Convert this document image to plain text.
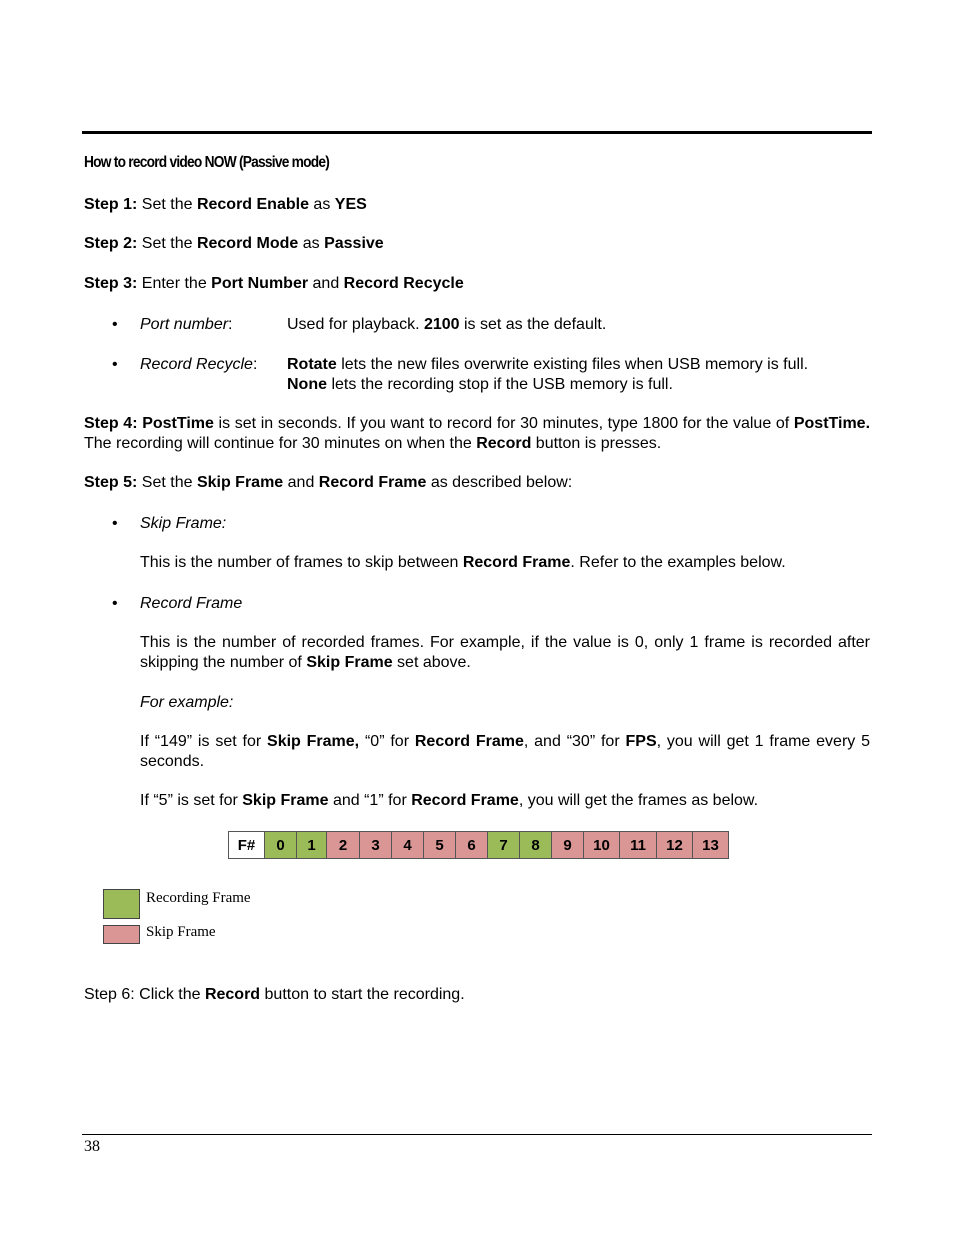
How to record video NOW (Passive mode)
Step 1: Set the Record Enable as YES
Step 2: Set the Record Mode as Passive
Step 3: Enter the Port Number and Record Recycle
• Port number:	Used for playback. 2100 is set as the default.
• Record Recycle: Rotate lets the new files overwrite existing files when USB memory is full.
None lets the recording stop if the USB memory is full.
Step 4: PostTime is set in seconds. If you want to record for 30 minutes, type 1800 for the value of PostTime. The recording will continue for 30 minutes on when the Record button is presses.
Step 5: Set the Skip Frame and Record Frame as described below:
• Skip Frame:
This is the number of frames to skip between Record Frame. Refer to the examples below.
• Record Frame
This is the number of recorded frames. For example, if the value is 0, only 1 frame is recorded after skipping the number of Skip Frame set above.
For example:
If “149” is set for Skip Frame, “0” for Record Frame, and “30” for FPS, you will get 1 frame every 5 seconds.
If “5” is set for Skip Frame and “1” for Record Frame, you will get the frames as below.
F#	0	1	2	3	4	5	6	7	8	9	10	11	12	13
Recording Frame
Skip Frame
Step 6: Click the Record button to start the recording.
38
